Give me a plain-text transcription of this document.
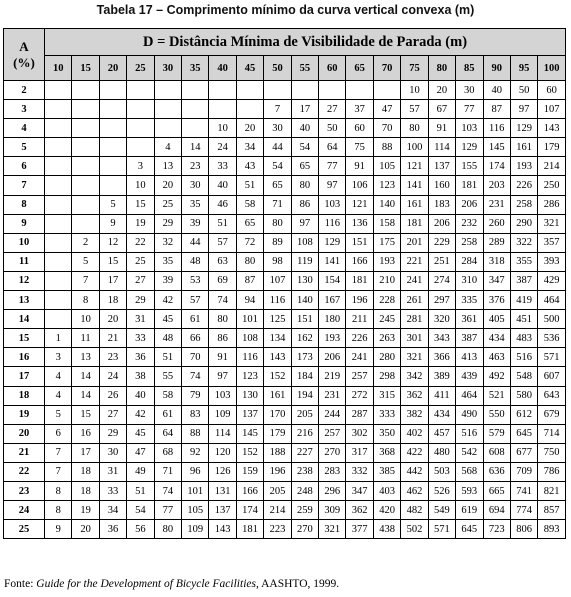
Tabela 17 – Comprimento mínimo da curva vertical convexa (m)
A
(%)	D = Distância Mínima de Visibilidade de Parada (m)																		
	10	15	20	25	30	35	40	45	50	55	60	65	70	75	80	85	90	95	100
2														10	20	30	40	50	60
3									7	17	27	37	47	57	67	77	87	97	107
4							10	20	30	40	50	60	70	80	91	103	116	129	143
5					4	14	24	34	44	54	64	75	88	100	114	129	145	161	179
6				3	13	23	33	43	54	65	77	91	105	121	137	155	174	193	214
7				10	20	30	40	51	65	80	97	106	123	141	160	181	203	226	250
8			5	15	25	35	46	58	71	86	103	121	140	161	183	206	231	258	286
9			9	19	29	39	51	65	80	97	116	136	158	181	206	232	260	290	321
10		2	12	22	32	44	57	72	89	108	129	151	175	201	229	258	289	322	357
11		5	15	25	35	48	63	80	98	119	141	166	193	221	251	284	318	355	393
12		7	17	27	39	53	69	87	107	130	154	181	210	241	274	310	347	387	429
13		8	18	29	42	57	74	94	116	140	167	196	228	261	297	335	376	419	464
14		10	20	31	45	61	80	101	125	151	180	211	245	281	320	361	405	451	500
15	1	11	21	33	48	66	86	108	134	162	193	226	263	301	343	387	434	483	536
16	3	13	23	36	51	70	91	116	143	173	206	241	280	321	366	413	463	516	571
17	4	14	24	38	55	74	97	123	152	184	219	257	298	342	389	439	492	548	607
18	4	14	26	40	58	79	103	130	161	194	231	272	315	362	411	464	521	580	643
19	5	15	27	42	61	83	109	137	170	205	244	287	333	382	434	490	550	612	679
20	6	16	29	45	64	88	114	145	179	216	257	302	350	402	457	516	579	645	714
21	7	17	30	47	68	92	120	152	188	227	270	317	368	422	480	542	608	677	750
22	7	18	31	49	71	96	126	159	196	238	283	332	385	442	503	568	636	709	786
23	8	18	33	51	74	101	131	166	205	248	296	347	403	462	526	593	665	741	821
24	8	19	34	54	77	105	137	174	214	259	309	362	420	482	549	619	694	774	857
25	9	20	36	56	80	109	143	181	223	270	321	377	438	502	571	645	723	806	893
Fonte: Guide for the Development of Bicycle Facilities, AASHTO, 1999.
